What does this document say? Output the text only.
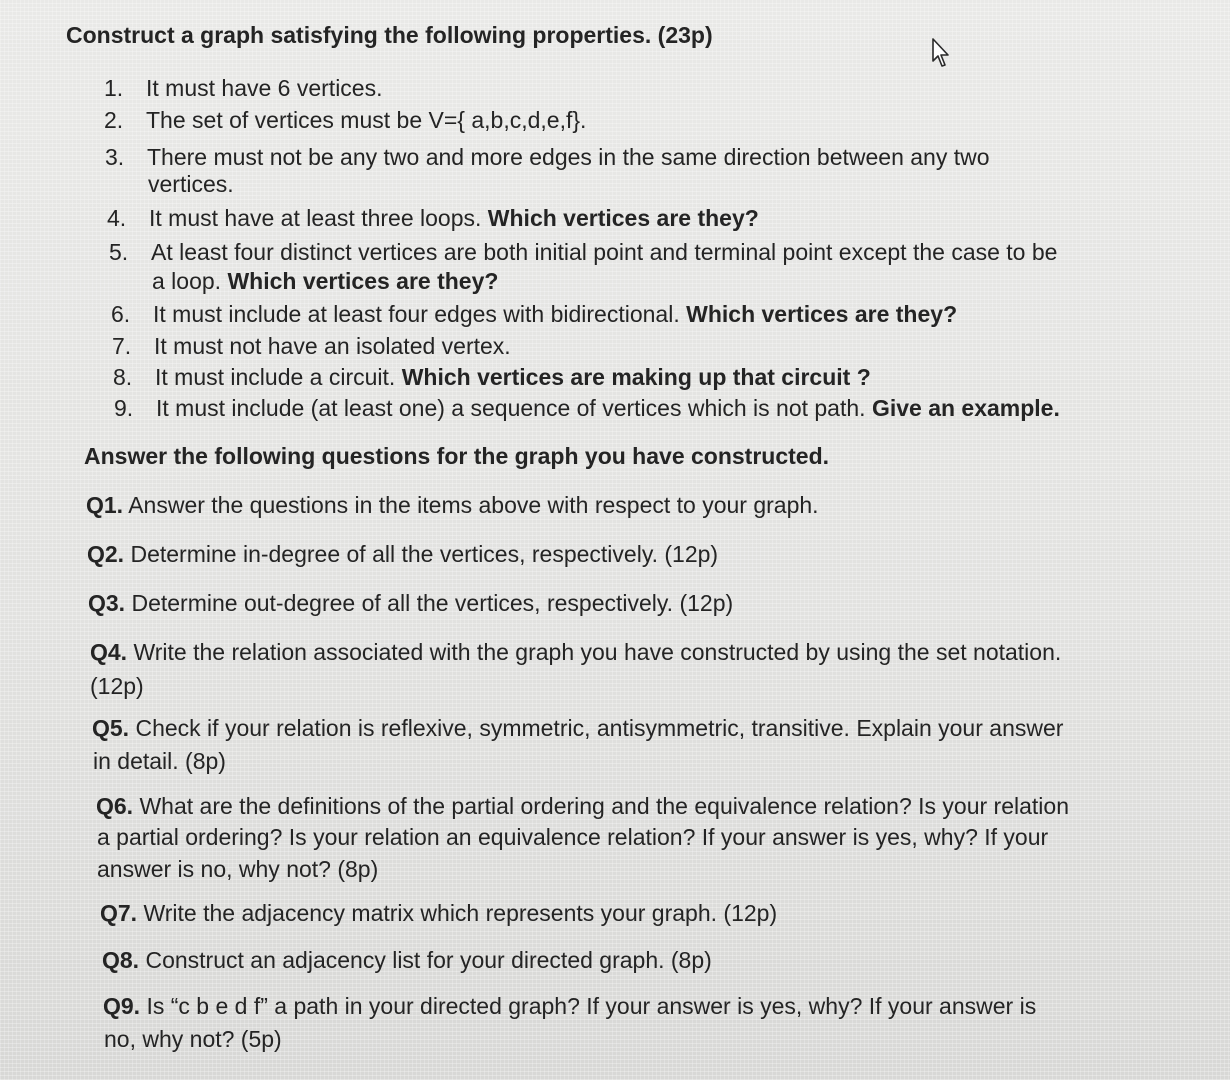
Construct a graph satisfying the following properties. (23p)
1. It must have 6 vertices.
2. The set of vertices must be V={ a,b,c,d,e,f}.
3. There must not be any two and more edges in the same direction between any two
vertices.
4. It must have at least three loops. Which vertices are they?
5. At least four distinct vertices are both initial point and terminal point except the case to be
a loop. Which vertices are they?
6. It must include at least four edges with bidirectional. Which vertices are they?
7. It must not have an isolated vertex.
8. It must include a circuit. Which vertices are making up that circuit ?
9. It must include (at least one) a sequence of vertices which is not path. Give an example.
Answer the following questions for the graph you have constructed.
Q1. Answer the questions in the items above with respect to your graph.
Q2. Determine in-degree of all the vertices, respectively. (12p)
Q3. Determine out-degree of all the vertices, respectively. (12p)
Q4. Write the relation associated with the graph you have constructed by using the set notation.
(12p)
Q5. Check if your relation is reflexive, symmetric, antisymmetric, transitive. Explain your answer
in detail. (8p)
Q6. What are the definitions of the partial ordering and the equivalence relation? Is your relation
a partial ordering? Is your relation an equivalence relation? If your answer is yes, why? If your
answer is no, why not? (8p)
Q7. Write the adjacency matrix which represents your graph. (12p)
Q8. Construct an adjacency list for your directed graph. (8p)
Q9. Is “c b e d f” a path in your directed graph? If your answer is yes, why? If your answer is
no, why not? (5p)
